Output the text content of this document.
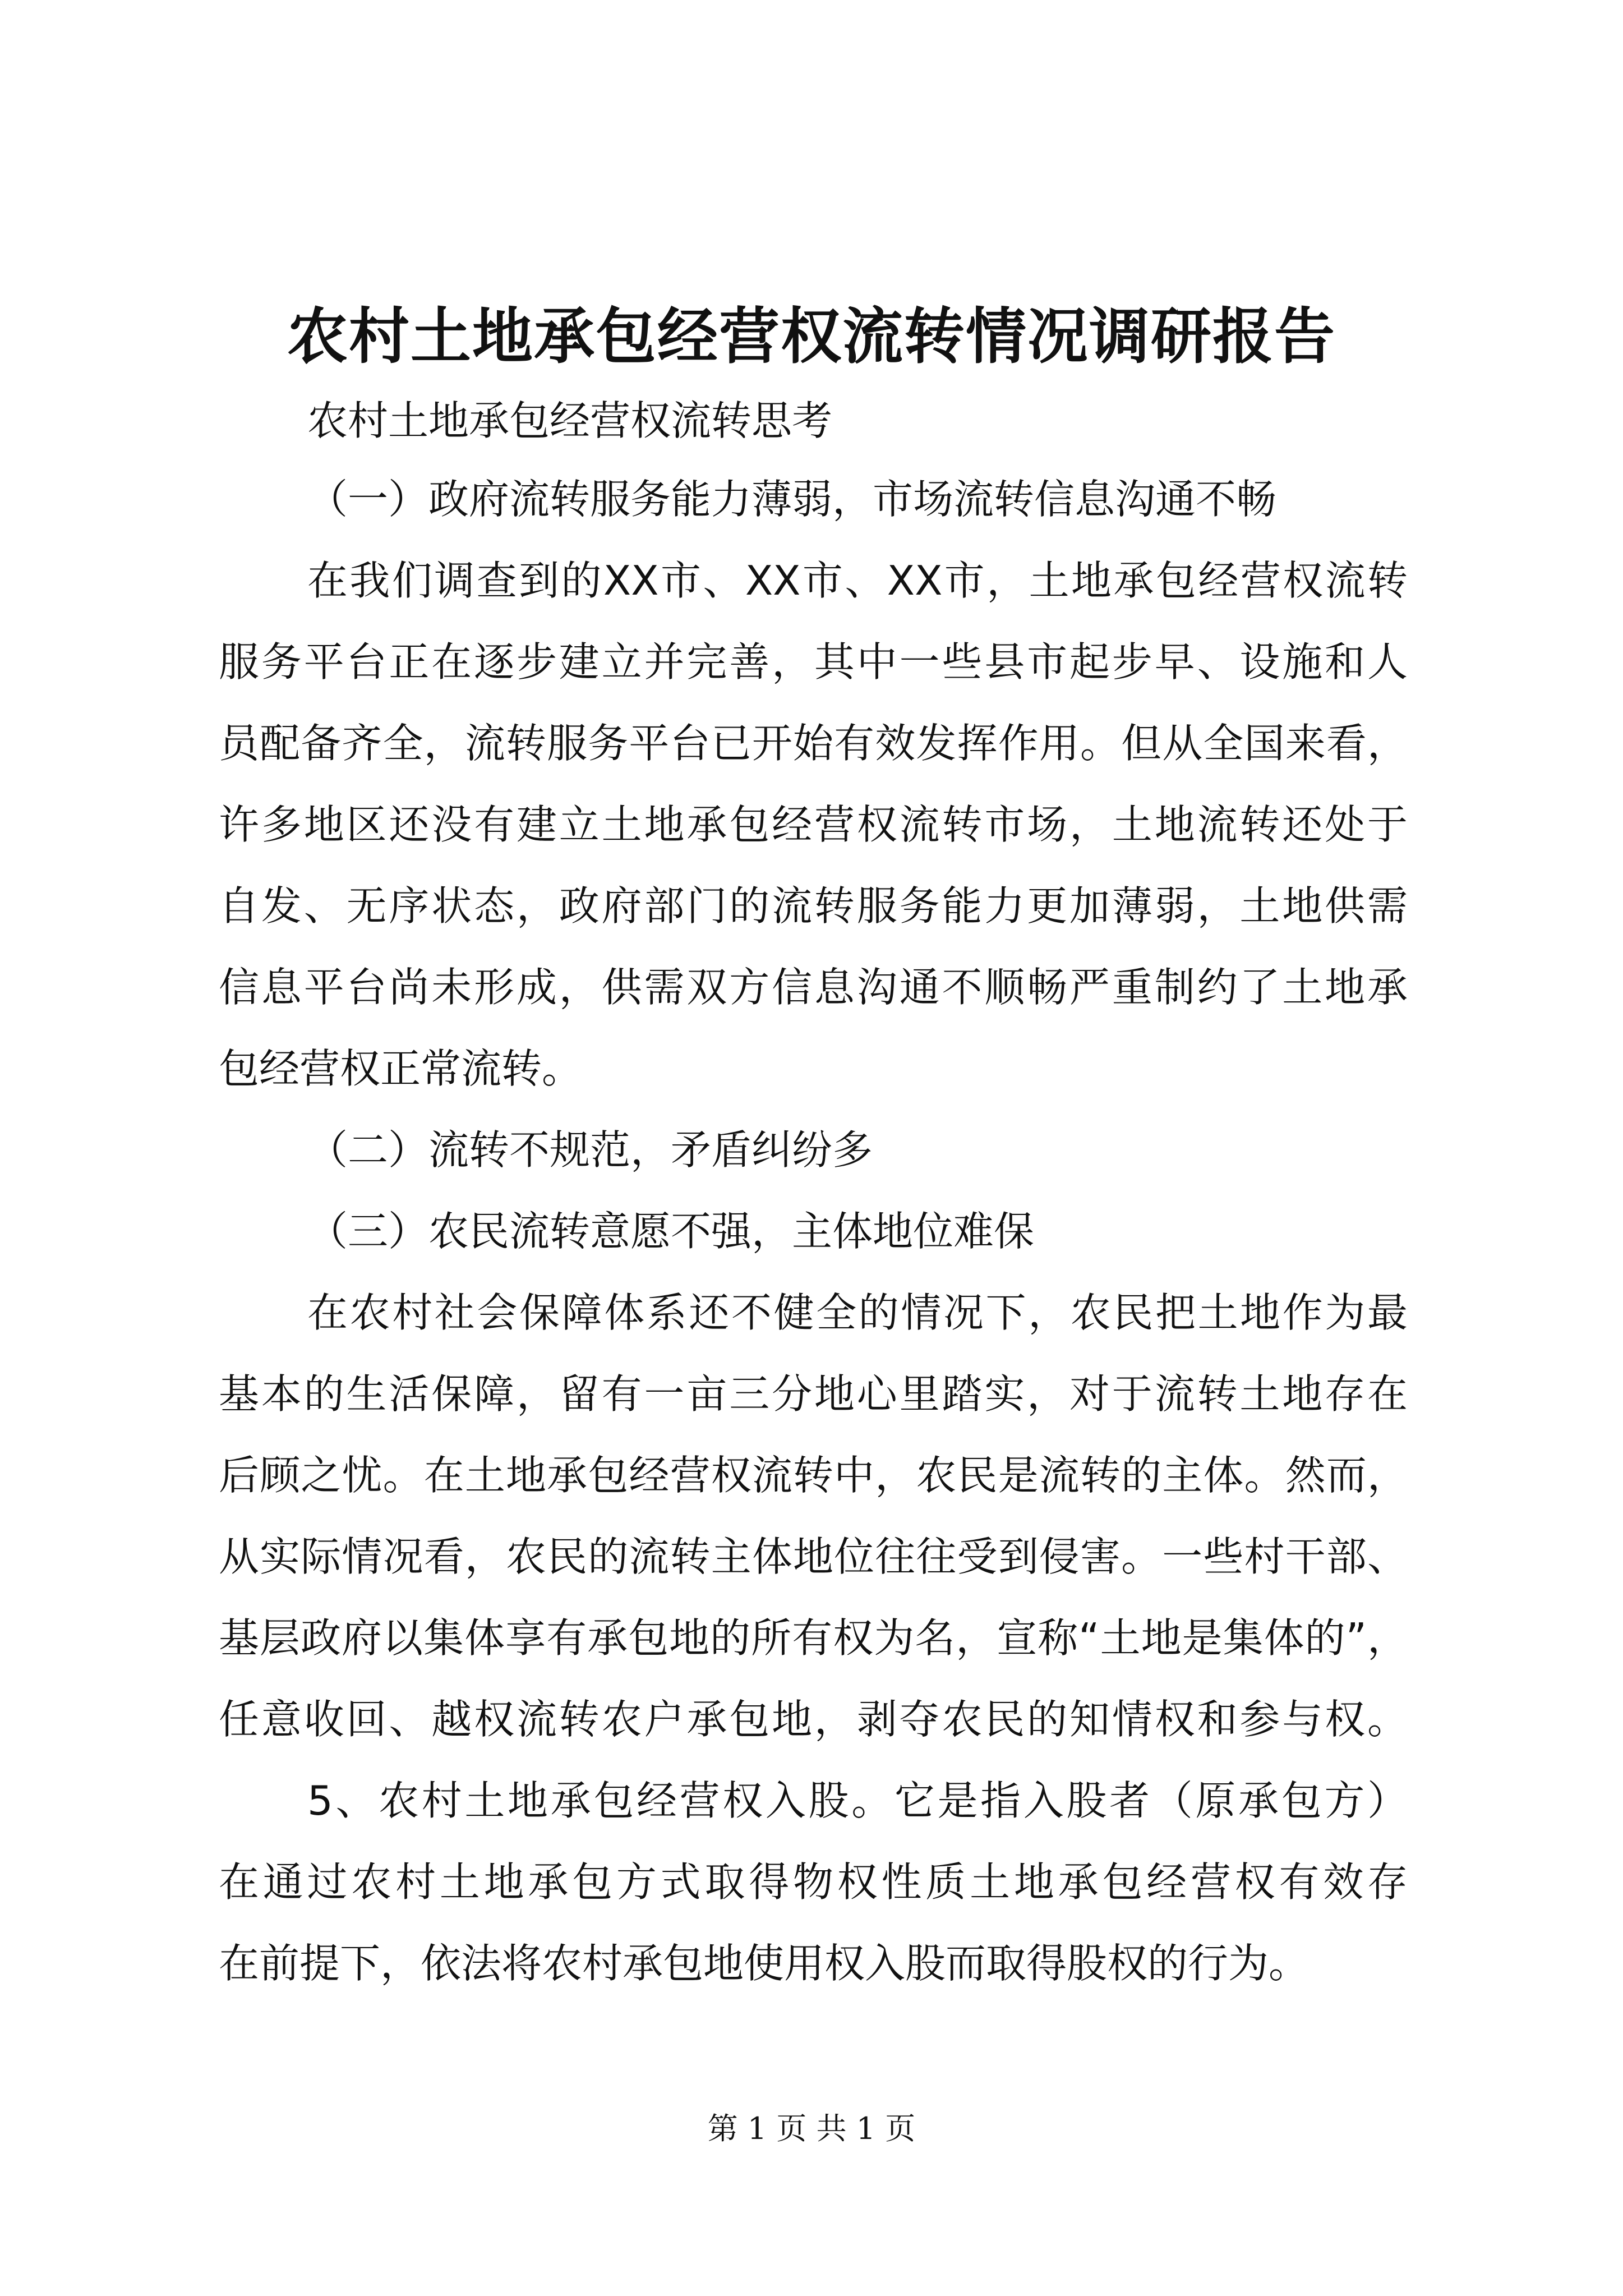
农村土地承包经营权流转情况调研报告

农村土地承包经营权流转思考

（一）政府流转服务能力薄弱，市场流转信息沟通不畅

在我们调查到的XX市、XX市、XX市，土地承包经营权流转

服务平台正在逐步建立并完善，其中一些县市起步早、设施和人

员配备齐全，流转服务平台已开始有效发挥作用。但从全国来看，

许多地区还没有建立土地承包经营权流转市场，土地流转还处于

自发、无序状态，政府部门的流转服务能力更加薄弱，土地供需

信息平台尚未形成，供需双方信息沟通不顺畅严重制约了土地承

包经营权正常流转。

（二）流转不规范，矛盾纠纷多

（三）农民流转意愿不强，主体地位难保

在农村社会保障体系还不健全的情况下，农民把土地作为最

基本的生活保障，留有一亩三分地心里踏实，对于流转土地存在

后顾之忧。在土地承包经营权流转中，农民是流转的主体。然而，

从实际情况看，农民的流转主体地位往往受到侵害。一些村干部、

基层政府以集体享有承包地的所有权为名，宣称“土地是集体的”，

任意收回、越权流转农户承包地，剥夺农民的知情权和参与权。

5、农村土地承包经营权入股。它是指入股者（原承包方）

在通过农村土地承包方式取得物权性质土地承包经营权有效存

在前提下，依法将农村承包地使用权入股而取得股权的行为。

第 1 页 共 1 页
